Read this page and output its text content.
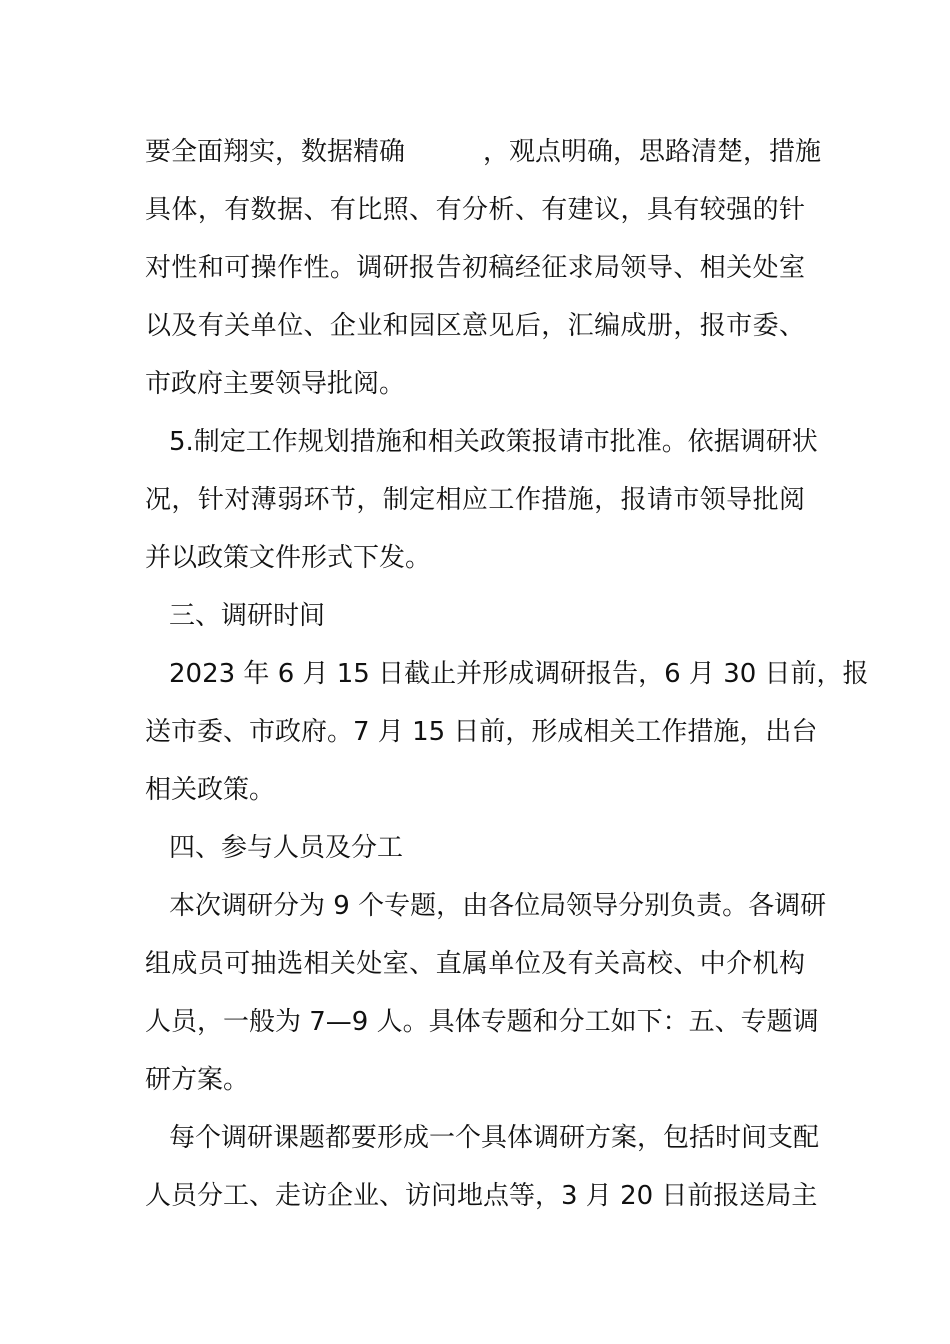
要全面翔实，数据精确　　　，观点明确，思路清楚，措施
具体，有数据、有比照、有分析、有建议，具有较强的针
对性和可操作性。调研报告初稿经征求局领导、相关处室
以及有关单位、企业和园区意见后，汇编成册，报市委、
市政府主要领导批阅。
5.制定工作规划措施和相关政策报请市批准。依据调研状
况，针对薄弱环节，制定相应工作措施，报请市领导批阅
并以政策文件形式下发。
三、调研时间
2023 年 6 月 15 日截止并形成调研报告，6 月 30 日前，报
送市委、市政府。7 月 15 日前，形成相关工作措施，出台
相关政策。
四、参与人员及分工
本次调研分为 9 个专题，由各位局领导分别负责。各调研
组成员可抽选相关处室、直属单位及有关高校、中介机构
人员，一般为 7—9 人。具体专题和分工如下：五、专题调
研方案。
每个调研课题都要形成一个具体调研方案，包括时间支配
人员分工、走访企业、访问地点等，3 月 20 日前报送局主
